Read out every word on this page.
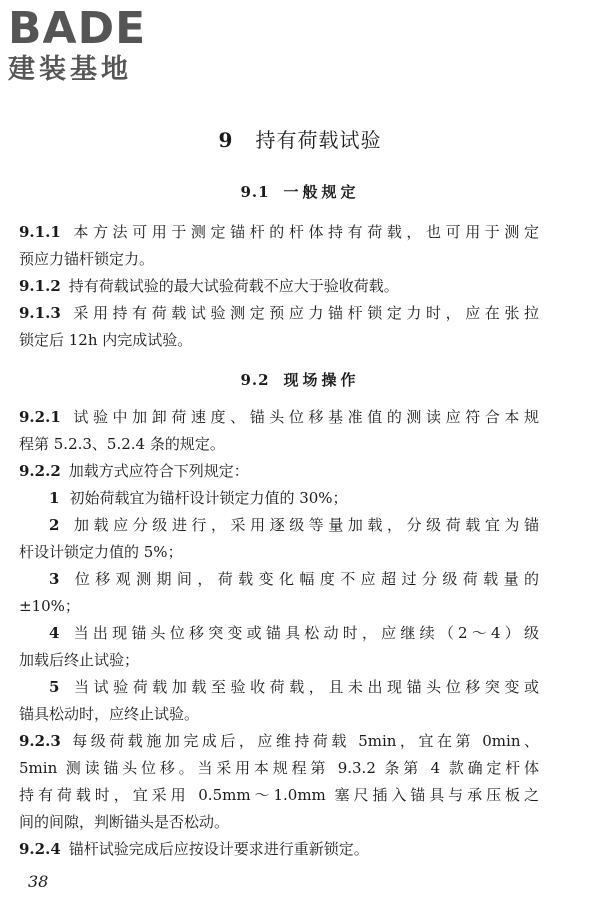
BADE
建装基地
9 持有荷载试验
9.1 一般规定
9.1.1 本方法可用于测定锚杆的杆体持有荷载，也可用于测定
预应力锚杆锁定力。
9.1.2 持有荷载试验的最大试验荷载不应大于验收荷载。
9.1.3 采用持有荷载试验测定预应力锚杆锁定力时，应在张拉
锁定后 12h 内完成试验。
9.2 现场操作
9.2.1 试验中加卸荷速度、锚头位移基准值的测读应符合本规
程第 5.2.3、5.2.4 条的规定。
9.2.2 加载方式应符合下列规定：
1 初始荷载宜为锚杆设计锁定力值的 30%；
2 加载应分级进行，采用逐级等量加载，分级荷载宜为锚
杆设计锁定力值的 5%；
3 位移观测期间，荷载变化幅度不应超过分级荷载量的
±10%；
4 当出现锚头位移突变或锚具松动时，应继续（2～4）级
加载后终止试验；
5 当试验荷载加载至验收荷载，且未出现锚头位移突变或
锚具松动时，应终止试验。
9.2.3 每级荷载施加完成后，应维持荷载 5min，宜在第 0min、
5min 测读锚头位移。当采用本规程第 9.3.2 条第 4 款确定杆体
持有荷载时，宜采用 0.5mm～1.0mm 塞尺插入锚具与承压板之
间的间隙，判断锚头是否松动。
9.2.4 锚杆试验完成后应按设计要求进行重新锁定。
38
